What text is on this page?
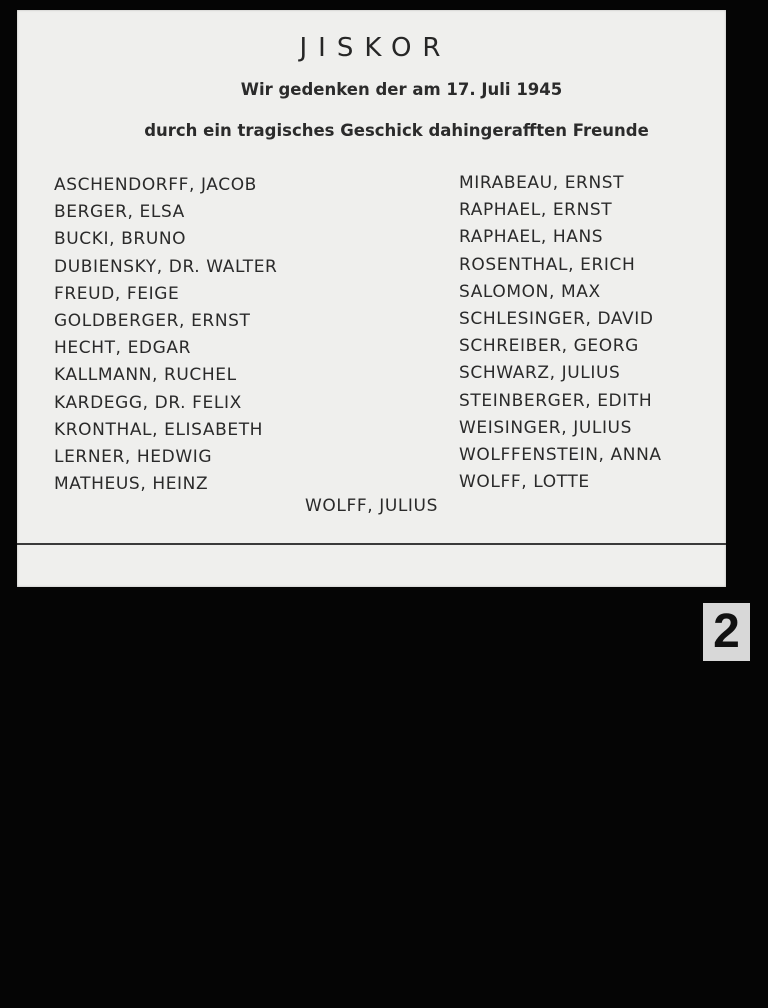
JISKOR

Wir gedenken der am 17. Juli 1945

durch ein tragisches Geschick dahingerafften Freunde

ASCHENDORFF, JACOB
BERGER, ELSA
BUCKI, BRUNO
DUBIENSKY, DR. WALTER
FREUD, FEIGE
GOLDBERGER, ERNST
HECHT, EDGAR
KALLMANN, RUCHEL
KARDEGG, DR. FELIX
KRONTHAL, ELISABETH
LERNER, HEDWIG
MATHEUS, HEINZ
MIRABEAU, ERNST
RAPHAEL, ERNST
RAPHAEL, HANS
ROSENTHAL, ERICH
SALOMON, MAX
SCHLESINGER, DAVID
SCHREIBER, GEORG
SCHWARZ, JULIUS
STEINBERGER, EDITH
WEISINGER, JULIUS
WOLFFENSTEIN, ANNA
WOLFF, LOTTE

WOLFF, JULIUS

2
